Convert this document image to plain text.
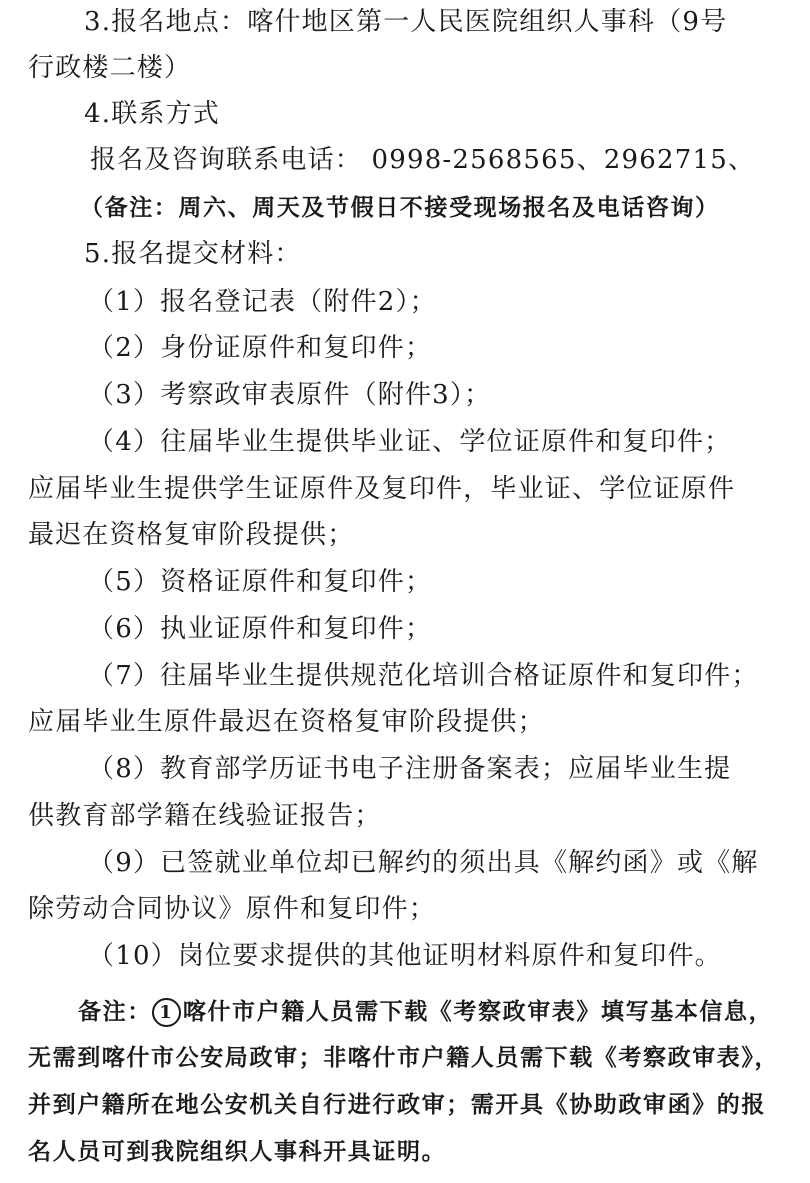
3.报名地点：喀什地区第一人民医院组织人事科（9号
行政楼二楼）
4.联系方式
报名及咨询联系电话： 0998-2568565、2962715、
（备注：周六、周天及节假日不接受现场报名及电话咨询）
5.报名提交材料：
（1）报名登记表（附件2）；
（2）身份证原件和复印件；
（3）考察政审表原件（附件3）；
（4）往届毕业生提供毕业证、学位证原件和复印件；
应届毕业生提供学生证原件及复印件，毕业证、学位证原件
最迟在资格复审阶段提供；
（5）资格证原件和复印件；
（6）执业证原件和复印件；
（7）往届毕业生提供规范化培训合格证原件和复印件；
应届毕业生原件最迟在资格复审阶段提供；
（8）教育部学历证书电子注册备案表；应届毕业生提
供教育部学籍在线验证报告；
（9）已签就业单位却已解约的须出具《解约函》或《解
除劳动合同协议》原件和复印件；
（10）岗位要求提供的其他证明材料原件和复印件。
备注： 1 喀什市户籍人员需下载《考察政审表》填写基本信息，
无需到喀什市公安局政审；非喀什市户籍人员需下载《考察政审表》，
并到户籍所在地公安机关自行进行政审；需开具《协助政审函》的报
名人员可到我院组织人事科开具证明。
